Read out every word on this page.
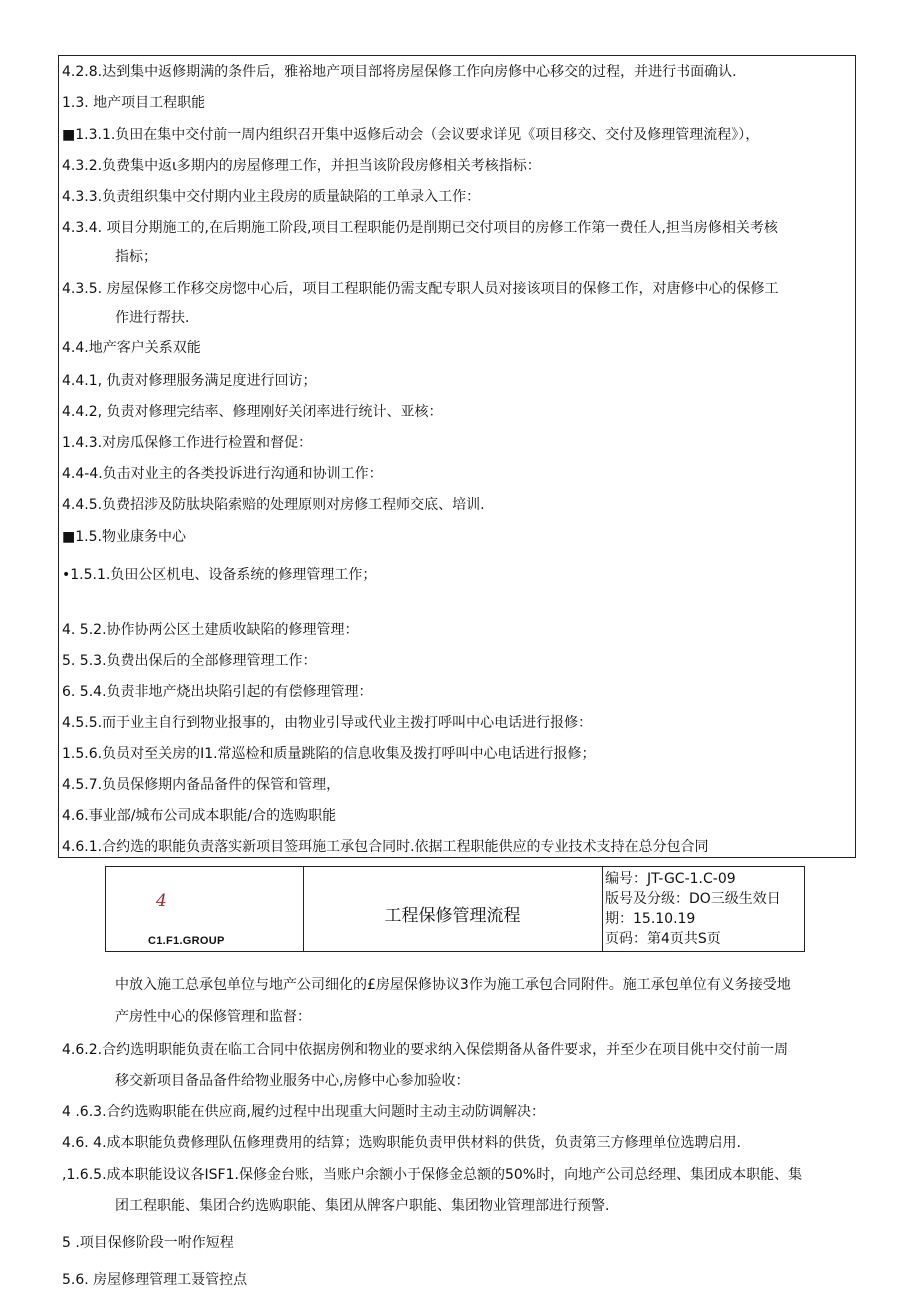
4.2.8.达到集中返修期满的条件后，雅裕地产项目部将房屋保修工作向房修中心移交的过程，并进行书面确认.
1.3. 地产项目工程职能
■1.3.1.负田在集中交付前一周内组织召开集中返修后动会（会议要求详见《项目移交、交付及修理管理流程》），
4.3.2.负费集中返ι多期内的房屋修理工作，并担当该阶段房修相关考核指标：
4.3.3.负责组织集中交付期内业主段房的质量缺陷的工单录入工作：
4.3.4. 项目分期施工的,在后期施工阶段,项目工程职能仍是削期已交付项目的房修工作第一费任人,担当房修相关考核
指标；
4.3.5. 房屋保修工作移交房惚中心后，项目工程职能仍需支配专职人员对接该项目的保修工作，对唐修中心的保修工
作进行帮扶.
4.4.地产客户关系双能
4.4.1, 仇责对修理服务满足度进行回访；
4.4.2, 负责对修理完结率、修理刚好关闭率进行统计、亚核：
1.4.3.对房瓜保修工作进行检置和督促：
4.4-4.负击对业主的各类投诉进行沟通和协训工作：
4.4.5.负费招涉及防肽块陷索赔的处理原则对房修工程师交底、培训.
■1.5.物业康务中心
•1.5.1.负田公区机电、设备系统的修理管理工作；
4. 5.2.协作协两公区土建质收缺陷的修理管理：
5. 5.3.负费出保后的全部修理管理工作：
6. 5.4.负责非地产烧出块陷引起的有偿修理管理：
4.5.5.而于业主自行到物业报事的，由物业引导或代业主拨打呼叫中心电话进行报修：
1.5.6.负员对至关房的I1.常巡检和质量跳陷的信息收集及拨打呼叫中心电话进行报修；
4.5.7.负员保修期内备品备件的保管和管理，
4.6.事业部/城布公司成本职能/合的选购职能
4.6.1.合约选的职能负责落实新项目签珥施工承包合同时.依据工程职能供应的专业技术支持在总分包合同
4
C1.F1.GROUP
工程保修管理流程
编号：JT-GC-1.C-09
版号及分级：DO三级生效日
期：15.10.19
页码：第4页共S页
中放入施工总承包单位与地产公司细化的£房屋保修协议3作为施工承包合同附件。施工承包单位有义务接受地
产房性中心的保修管理和监督：
4.6.2.合约选明职能负责在临工合同中依据房例和物业的要求纳入保偿期备从备件要求，并至少在项目佻中交付前一周
移交新项目备品备件给物业服务中心,房修中心参加验收：
4 .6.3.合约选购职能在供应商,履约过程中出现重大问题时主动主动防调解决：
4.6. 4.成本职能负费修理队伍修理费用的结算；选购职能负责甲供材料的供货，负责第三方修理单位选聘启用.
,1.6.5.成本职能设议各ISF1.保修金台账，当账户余额小于保修金总额的50%时，向地产公司总经理、集团成本职能、集
团工程职能、集团合约选购职能、集团从牌客户职能、集团物业管理部进行预警.
5 .项目保修阶段一咐作短程
5.6. 房屋修理管理工聂管控点
